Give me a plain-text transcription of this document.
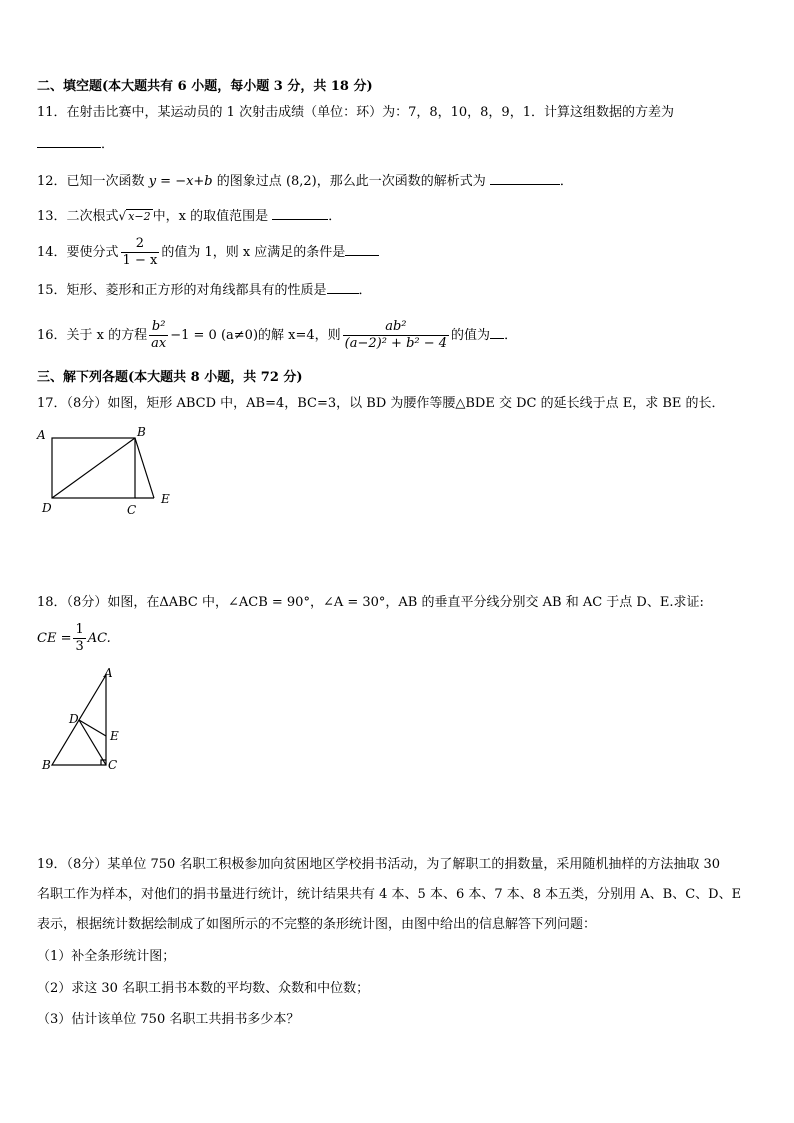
二、填空题(本大题共有 6 小题，每小题 3 分，共 18 分)
11．在射击比赛中，某运动员的 1 次射击成绩（单位：环）为：7，8，10，8，9，1．计算这组数据的方差为
．
12．已知一次函数 y = −x+b 的图象过点 (8,2)，那么此一次函数的解析式为	．
13．二次根式√ x−2 中，x 的取值范围是	．
14．要使分式 $\frac{2}{1 - x}$ 的值为 1，则 x 应满足的条件是
15．矩形、菱形和正方形的对角线都具有的性质是 ．
16．关于 x 的方程 $\frac{\text{b²}}{ax} -1 = 0$ (a≠0)的解 x=4，则 $\frac{\text{ab²}}{\text{(a−2)² + b² − 4}}$ 的值为 ．
三、解下列各题(本大题共 8 小题，共 72 分)
17．（8分）如图，矩形 ABCD 中，AB=4，BC=3，以 BD 为腰作等腰△BDE 交 DC 的延长线于点 E，求 BE 的长．
A	B
C
D
E
18．（8分）如图，在ΔABC 中，∠ACB = 90°，∠A = 30°，AB 的垂直平分线分别交 AB 和 AC 于点 D、E.求证:
CE = $\frac{1}{3}$ AC.
A
D
E
B	C
19．（8分）某单位 750 名职工积极参加向贫困地区学校捐书活动，为了解职工的捐数量，采用随机抽样的方法抽取 30
名职工作为样本，对他们的捐书量进行统计，统计结果共有 4 本、5 本、6 本、7 本、8 本五类，分别用 A、B、C、D、E
表示，根据统计数据绘制成了如图所示的不完整的条形统计图，由图中给出的信息解答下列问题：
（1）补全条形统计图；
（2）求这 30 名职工捐书本数的平均数、众数和中位数；
（3）估计该单位 750 名职工共捐书多少本？
